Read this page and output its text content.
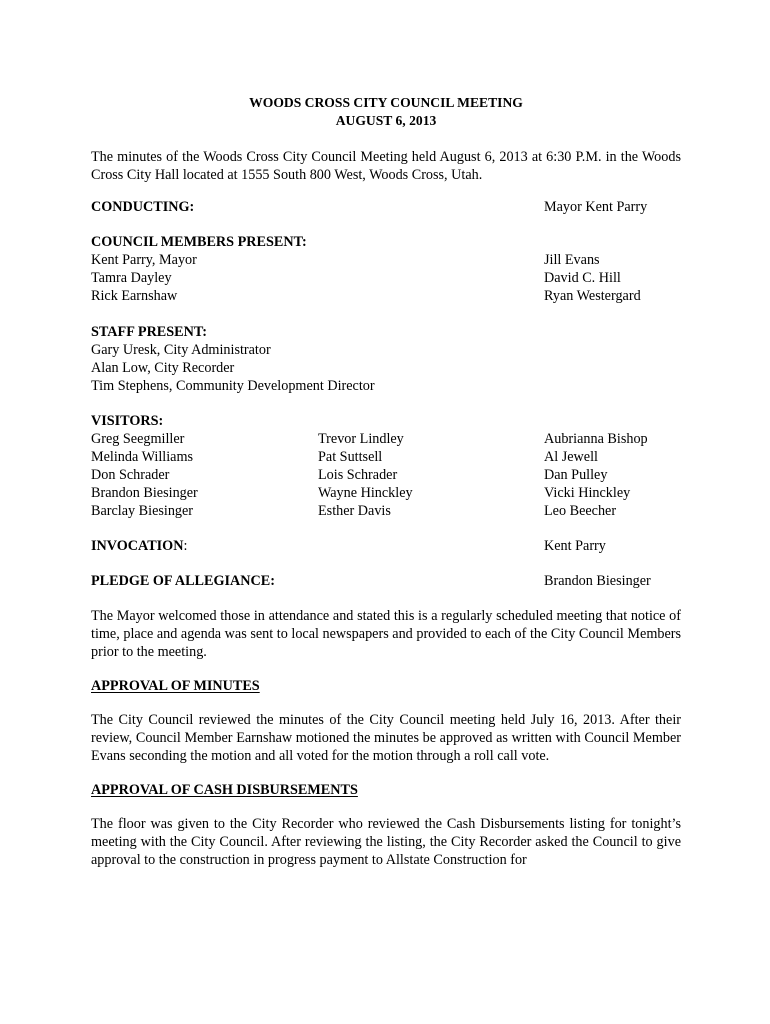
WOODS CROSS CITY COUNCIL MEETING

AUGUST 6, 2013

The minutes of the Woods Cross City Council Meeting held August 6, 2013 at 6:30 P.M. in the Woods Cross City Hall located at 1555 South 800 West, Woods Cross, Utah.

CONDUCTING:	Mayor Kent Parry
COUNCIL MEMBERS PRESENT:
Kent Parry, Mayor	Jill Evans
Tamra Dayley	David C. Hill
Rick Earnshaw	Ryan Westergard
STAFF PRESENT:
Gary Uresk, City Administrator
Alan Low, City Recorder
Tim Stephens, Community Development Director
VISITORS:
Greg Seegmiller	Trevor Lindley	Aubrianna Bishop
Melinda Williams	Pat Suttsell	Al Jewell
Don Schrader	Lois Schrader	Dan Pulley
Brandon Biesinger	Wayne Hinckley	Vicki Hinckley
Barclay Biesinger	Esther Davis	Leo Beecher
INVOCATION:	Kent Parry
PLEDGE OF ALLEGIANCE:	Brandon Biesinger

The Mayor welcomed those in attendance and stated this is a regularly scheduled meeting that notice of time, place and agenda was sent to local newspapers and provided to each of the City Council Members prior to the meeting.

APPROVAL OF MINUTES

The City Council reviewed the minutes of the City Council meeting held July 16, 2013. After their review, Council Member Earnshaw motioned the minutes be approved as written with Council Member Evans seconding the motion and all voted for the motion through a roll call vote.

APPROVAL OF CASH DISBURSEMENTS

The floor was given to the City Recorder who reviewed the Cash Disbursements listing for tonight’s meeting with the City Council. After reviewing the listing, the City Recorder asked the Council to give approval to the construction in progress payment to Allstate Construction for
